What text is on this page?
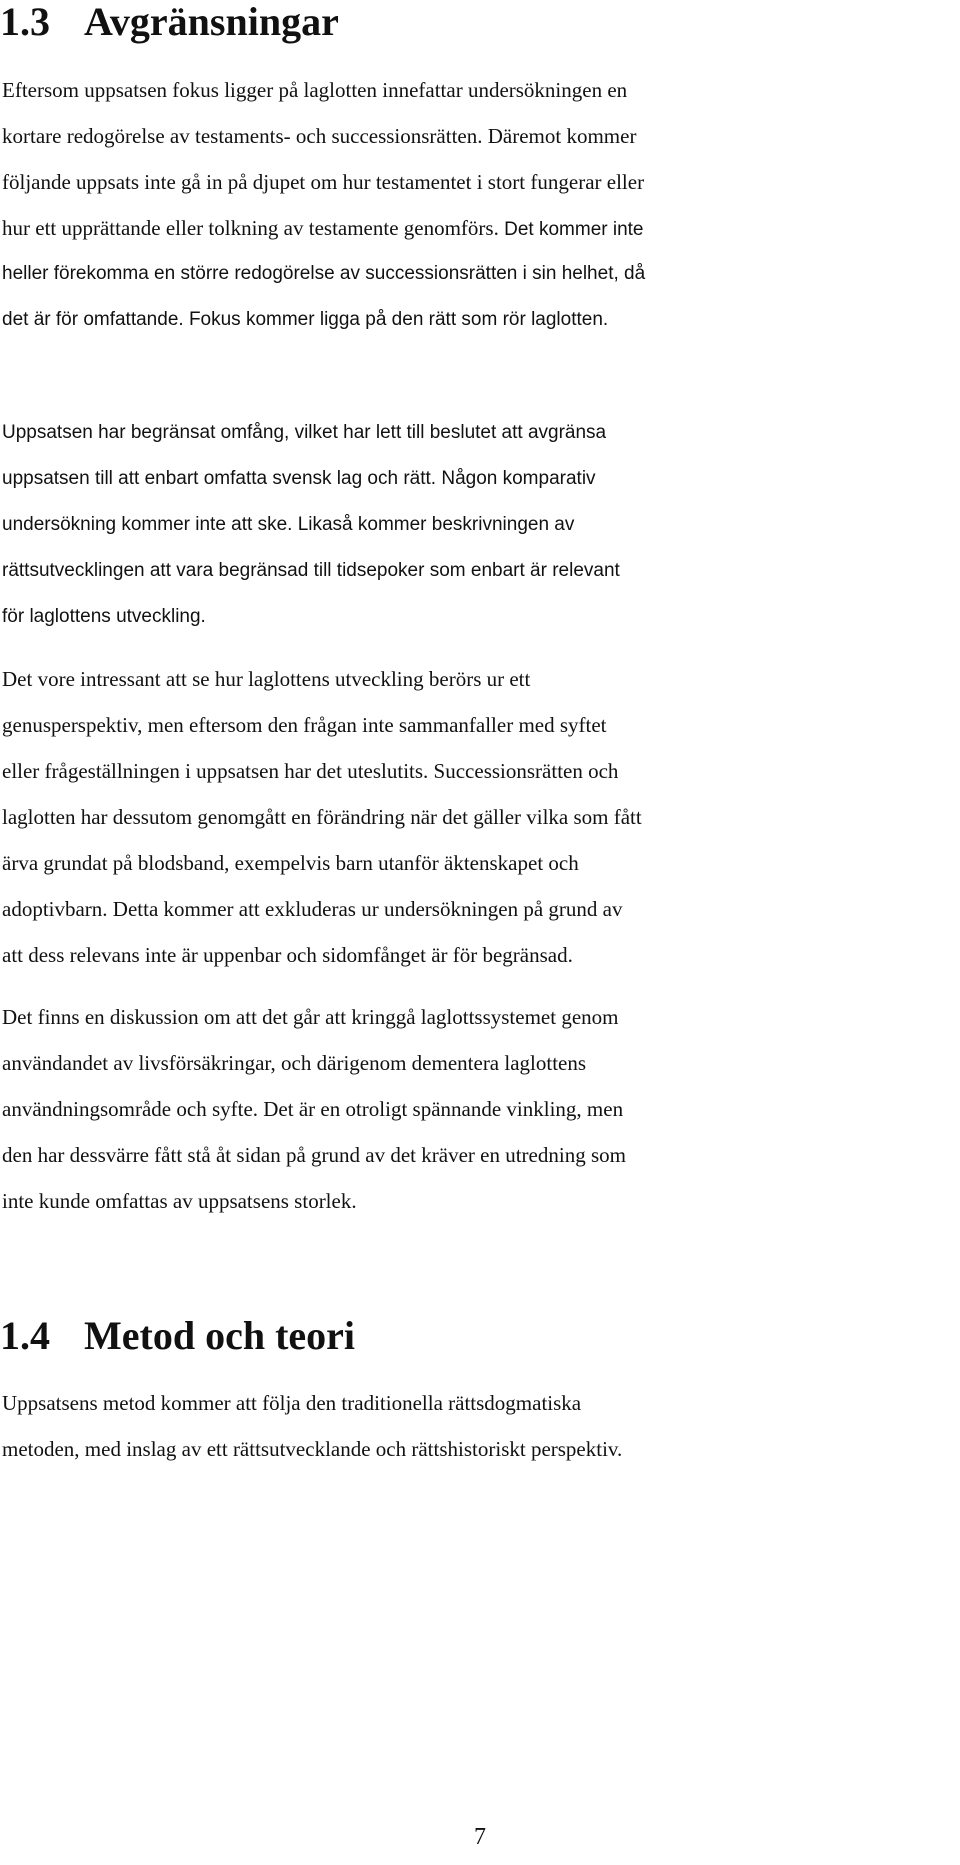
1.3 Avgränsningar
Eftersom uppsatsen fokus ligger på laglotten innefattar undersökningen en
kortare redogörelse av testaments- och successionsrätten. Däremot kommer
följande uppsats inte gå in på djupet om hur testamentet i stort fungerar eller
hur ett upprättande eller tolkning av testamente genomförs. Det kommer inte
heller förekomma en större redogörelse av successionsrätten i sin helhet, då
det är för omfattande. Fokus kommer ligga på den rätt som rör laglotten.
Uppsatsen har begränsat omfång, vilket har lett till beslutet att avgränsa
uppsatsen till att enbart omfatta svensk lag och rätt. Någon komparativ
undersökning kommer inte att ske. Likaså kommer beskrivningen av
rättsutvecklingen att vara begränsad till tidsepoker som enbart är relevant
för laglottens utveckling.
Det vore intressant att se hur laglottens utveckling berörs ur ett
genusperspektiv, men eftersom den frågan inte sammanfaller med syftet
eller frågeställningen i uppsatsen har det uteslutits. Successionsrätten och
laglotten har dessutom genomgått en förändring när det gäller vilka som fått
ärva grundat på blodsband, exempelvis barn utanför äktenskapet och
adoptivbarn. Detta kommer att exkluderas ur undersökningen på grund av
att dess relevans inte är uppenbar och sidomfånget är för begränsad.
Det finns en diskussion om att det går att kringgå laglottssystemet genom
användandet av livsförsäkringar, och därigenom dementera laglottens
användningsområde och syfte. Det är en otroligt spännande vinkling, men
den har dessvärre fått stå åt sidan på grund av det kräver en utredning som
inte kunde omfattas av uppsatsens storlek.
1.4 Metod och teori
Uppsatsens metod kommer att följa den traditionella rättsdogmatiska
metoden, med inslag av ett rättsutvecklande och rättshistoriskt perspektiv.
7
